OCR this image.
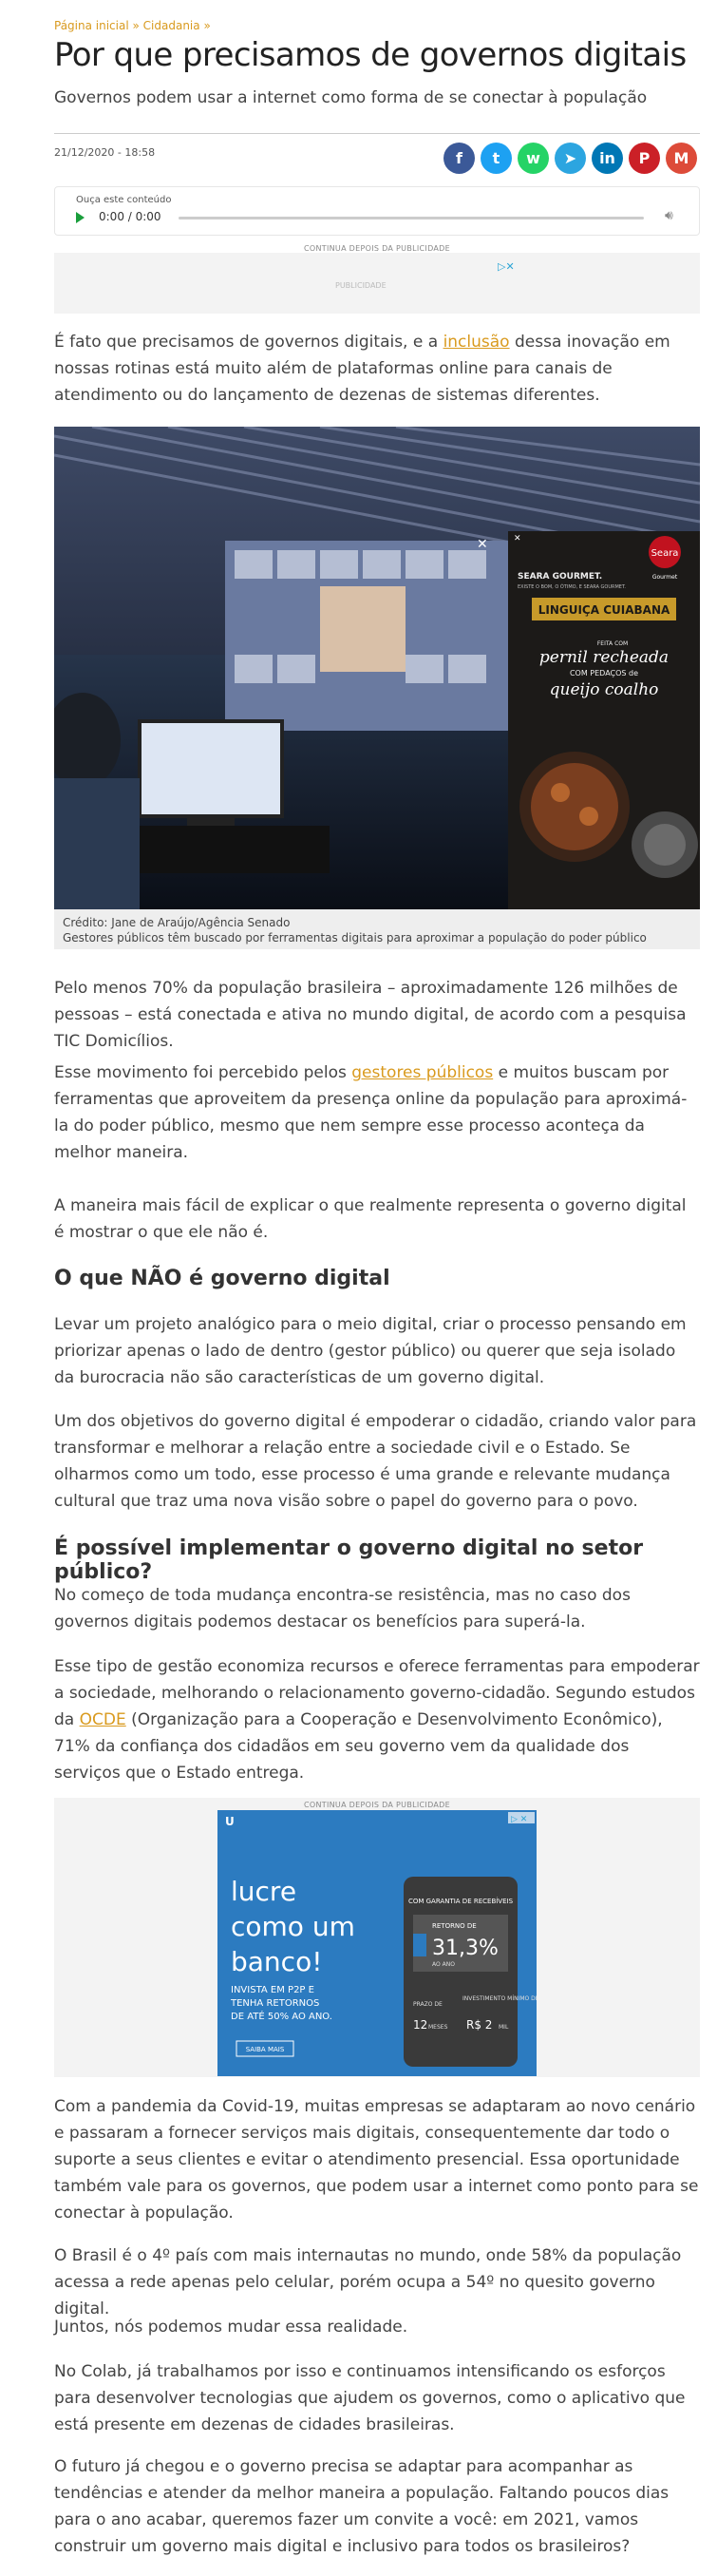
Página inicial » Cidadania »
Por que precisamos de governos digitais
Governos podem usar a internet como forma de se conectar à população
21/12/2020 - 18:58	f t w ➤ in P M
Ouça este conteúdo
0:00 / 0:00	🔊︎
CONTINUA DEPOIS DA PUBLICIDADE
PUBLICIDADE
▷✕

É fato que precisamos de governos digitais, e a inclusão dessa inovação em nossas rotinas está muito além de plataformas online para canais de atendimento ou do lançamento de dezenas de sistemas diferentes.

✕
Crédito: Jane de Araújo/Agência Senado
Gestores públicos têm buscado por ferramentas digitais para aproximar a população do poder público
Seara
Gourmet
SEARA GOURMET.
EXISTE O BOM, O ÓTIMO, E SEARA GOURMET.
LINGUIÇA CUIABANA
FEITA COM
pernil recheada
COM PEDAÇOS de
queijo coalho
✕

Pelo menos 70% da população brasileira – aproximadamente 126 milhões de pessoas – está conectada e ativa no mundo digital, de acordo com a pesquisa TIC Domicílios.

Esse movimento foi percebido pelos gestores públicos e muitos buscam por ferramentas que aproveitem da presença online da população para aproximá-la do poder público, mesmo que nem sempre esse processo aconteça da melhor maneira.

A maneira mais fácil de explicar o que realmente representa o governo digital é mostrar o que ele não é.

O que NÃO é governo digital

Levar um projeto analógico para o meio digital, criar o processo pensando em priorizar apenas o lado de dentro (gestor público) ou querer que seja isolado da burocracia não são características de um governo digital.

Um dos objetivos do governo digital é empoderar o cidadão, criando valor para transformar e melhorar a relação entre a sociedade civil e o Estado. Se olharmos como um todo, esse processo é uma grande e relevante mudança cultural que traz uma nova visão sobre o papel do governo para o povo.

É possível implementar o governo digital no setor público?

No começo de toda mudança encontra-se resistência, mas no caso dos governos digitais podemos destacar os benefícios para superá-la.

Esse tipo de gestão economiza recursos e oferece ferramentas para empoderar a sociedade, melhorando o relacionamento governo-cidadão. Segundo estudos da OCDE (Organização para a Cooperação e Desenvolvimento Econômico), 71% da confiança dos cidadãos em seu governo vem da qualidade dos serviços que o Estado entrega.

CONTINUA DEPOIS DA PUBLICIDADE
U	▷ ✕
lucre
como um
banco!
INVISTA EM P2P E
TENHA RETORNOS
DE ATÉ 50% AO ANO.
SAIBA MAIS
COM GARANTIA DE RECEBÍVEIS
RETORNO DE
31,3%
AO ANO
PRAZO DE
12 MESES
INVESTIMENTO MÍNIMO DE
R$ 2 MIL

Com a pandemia da Covid-19, muitas empresas se adaptaram ao novo cenário e passaram a fornecer serviços mais digitais, consequentemente dar todo o suporte a seus clientes e evitar o atendimento presencial. Essa oportunidade também vale para os governos, que podem usar a internet como ponto para se conectar à população.

O Brasil é o 4º país com mais internautas no mundo, onde 58% da população acessa a rede apenas pelo celular, porém ocupa a 54º no quesito governo digital.

Juntos, nós podemos mudar essa realidade.

No Colab, já trabalhamos por isso e continuamos intensificando os esforços para desenvolver tecnologias que ajudem os governos, como o aplicativo que está presente em dezenas de cidades brasileiras.

O futuro já chegou e o governo precisa se adaptar para acompanhar as tendências e atender da melhor maneira a população. Faltando poucos dias para o ano acabar, queremos fazer um convite a você: em 2021, vamos construir um governo mais digital e inclusivo para todos os brasileiros?
